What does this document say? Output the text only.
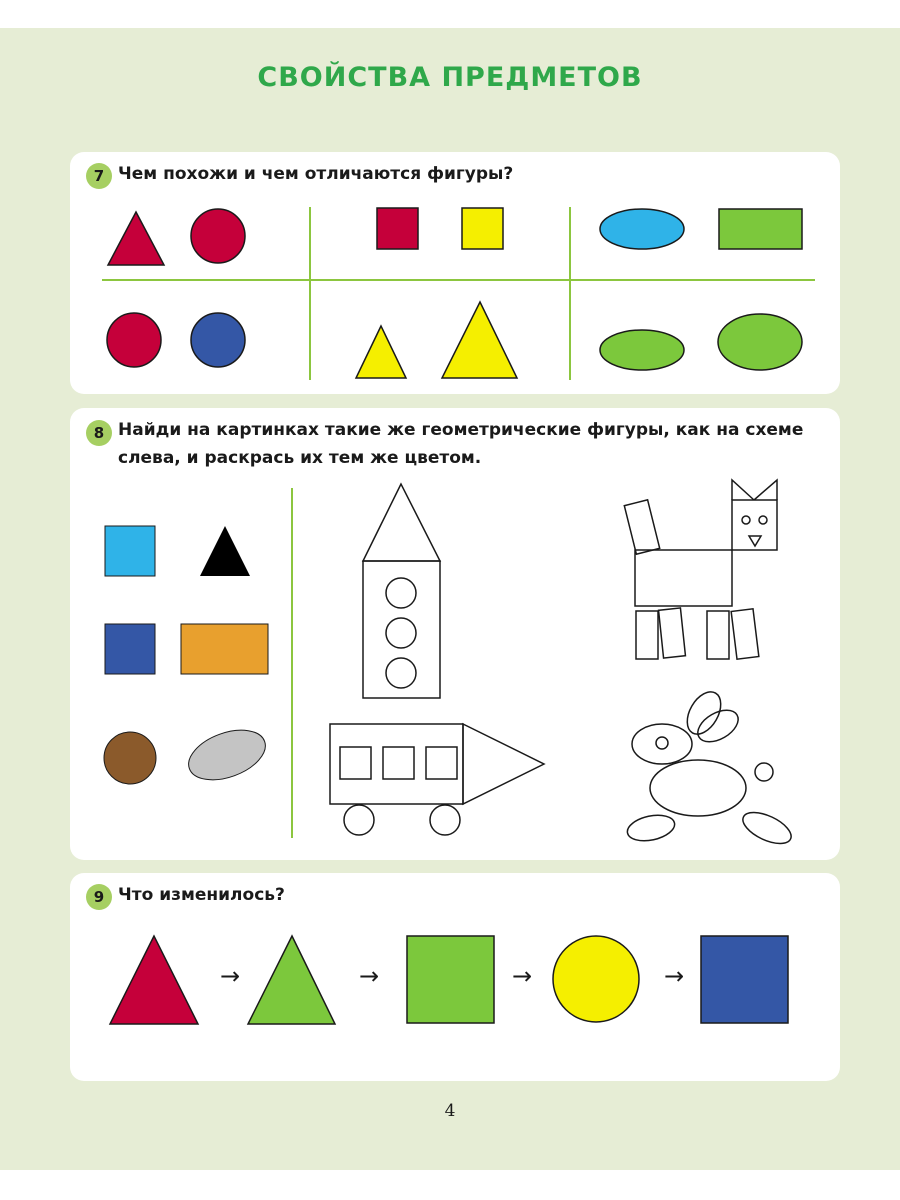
СВОЙСТВА ПРЕДМЕТОВ
7 Чем похожи и чем отличаются фигуры?
8 Найди на картинках такие же геометрические фигуры, как на схеме
слева, и раскрась их тем же цветом.
9 Что изменилось?
→	→	→	→
4
